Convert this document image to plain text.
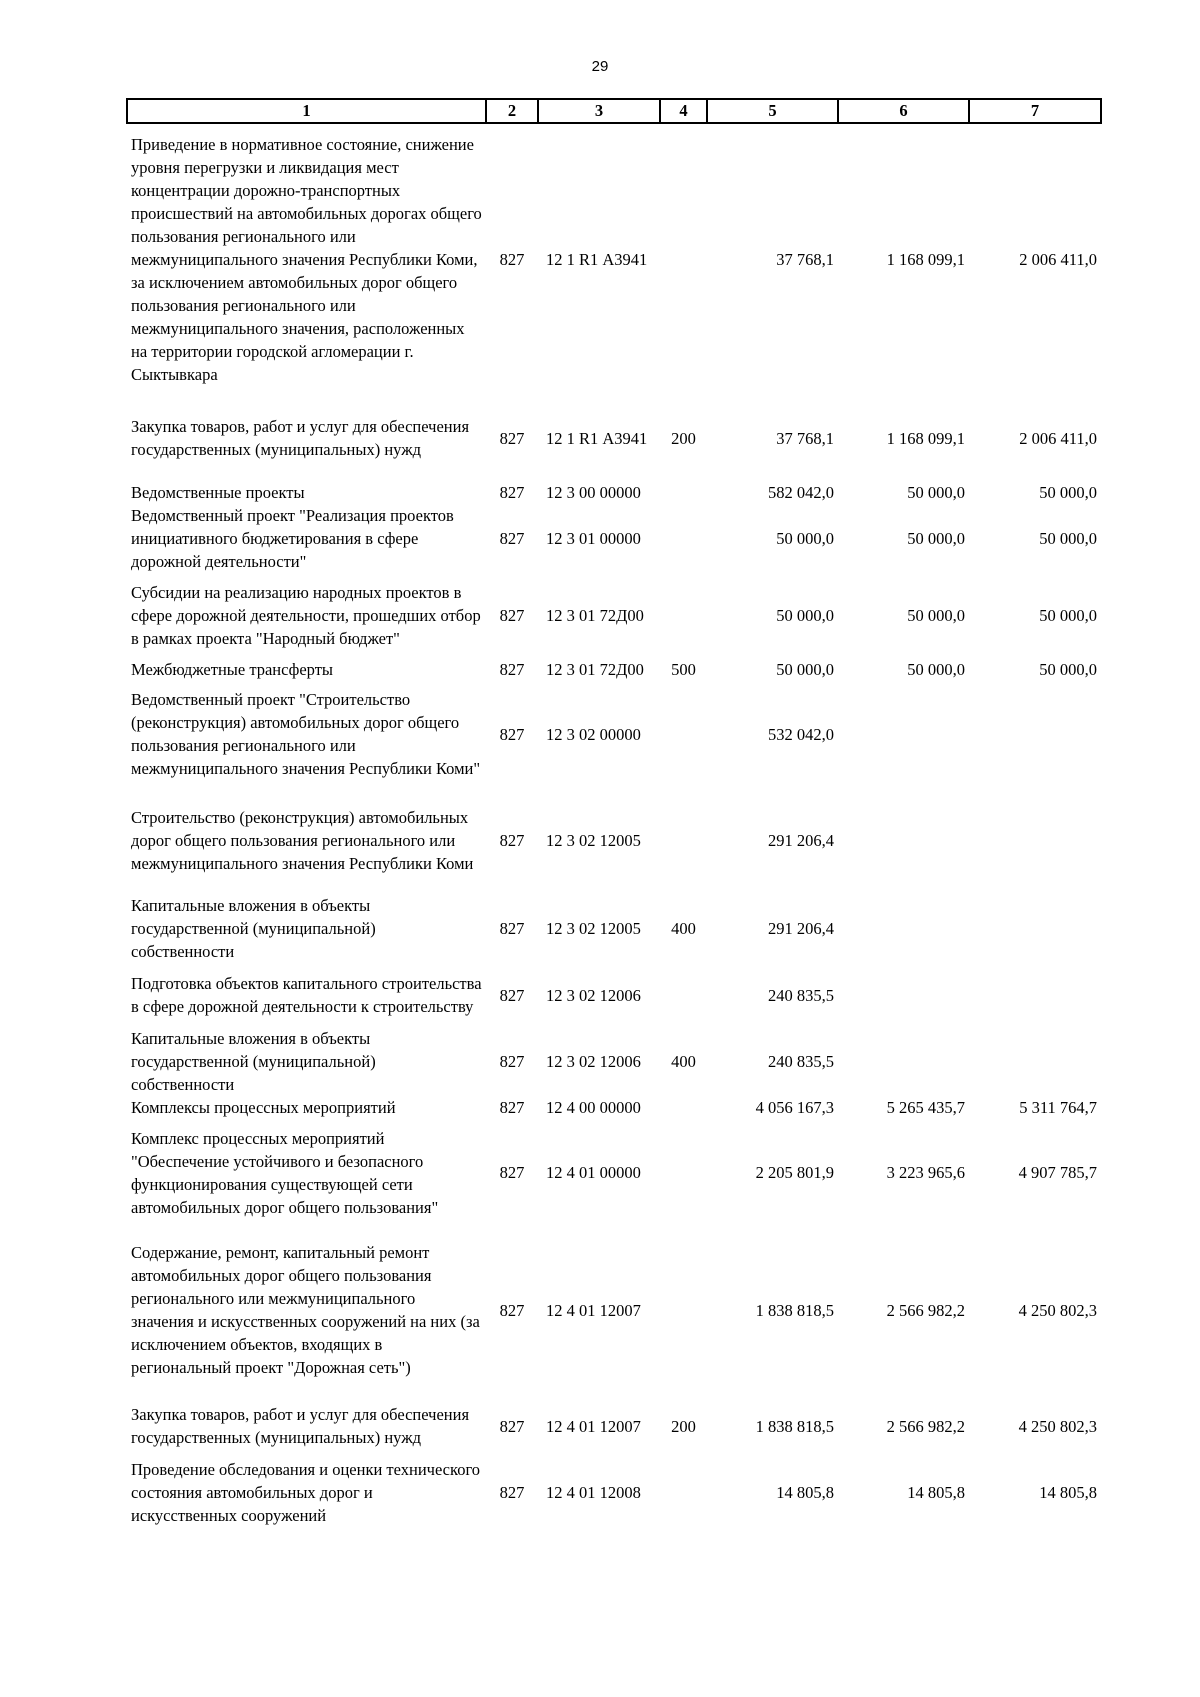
29
1	2	3	4	5	6	7
Приведение в нормативное состояние, снижение уровня перегрузки и ликвидация мест концентрации дорожно-транспортных происшествий на автомобильных дорогах общего пользования регионального или межмуниципального значения Республики Коми, за исключением автомобильных дорог общего пользования регионального или межмуниципального значения, расположенных на территории городской агломерации г. Сыктывкара	827	12 1 R1 А3941		37 768,1	1 168 099,1	2 006 411,0
Закупка товаров, работ и услуг для обеспечения государственных (муниципальных) нужд	827	12 1 R1 А3941	200	37 768,1	1 168 099,1	2 006 411,0
Ведомственные проекты	827	12 3 00 00000		582 042,0	50 000,0	50 000,0
Ведомственный проект "Реализация проектов инициативного бюджетирования в сфере дорожной деятельности"	827	12 3 01 00000		50 000,0	50 000,0	50 000,0
Субсидии на реализацию народных проектов в сфере дорожной деятельности, прошедших отбор в рамках проекта "Народный бюджет"	827	12 3 01 72Д00		50 000,0	50 000,0	50 000,0
Межбюджетные трансферты	827	12 3 01 72Д00	500	50 000,0	50 000,0	50 000,0
Ведомственный проект "Строительство (реконструкция) автомобильных дорог общего пользования регионального или межмуниципального значения Республики Коми"	827	12 3 02 00000		532 042,0		
Строительство (реконструкция) автомобильных дорог общего пользования регионального или межмуниципального значения Республики Коми	827	12 3 02 12005		291 206,4		
Капитальные вложения в объекты государственной (муниципальной) собственности	827	12 3 02 12005	400	291 206,4		
Подготовка объектов капитального строительства в сфере дорожной деятельности к строительству	827	12 3 02 12006		240 835,5		
Капитальные вложения в объекты государственной (муниципальной) собственности	827	12 3 02 12006	400	240 835,5		
Комплексы процессных мероприятий	827	12 4 00 00000		4 056 167,3	5 265 435,7	5 311 764,7
Комплекс процессных мероприятий "Обеспечение устойчивого и безопасного функционирования существующей сети автомобильных дорог общего пользования"	827	12 4 01 00000		2 205 801,9	3 223 965,6	4 907 785,7
Содержание, ремонт, капитальный ремонт автомобильных дорог общего пользования регионального или межмуниципального значения и искусственных сооружений на них (за исключением объектов, входящих в региональный проект "Дорожная сеть")	827	12 4 01 12007		1 838 818,5	2 566 982,2	4 250 802,3
Закупка товаров, работ и услуг для обеспечения государственных (муниципальных) нужд	827	12 4 01 12007	200	1 838 818,5	2 566 982,2	4 250 802,3
Проведение обследования и оценки технического состояния автомобильных дорог и искусственных сооружений	827	12 4 01 12008		14 805,8	14 805,8	14 805,8
